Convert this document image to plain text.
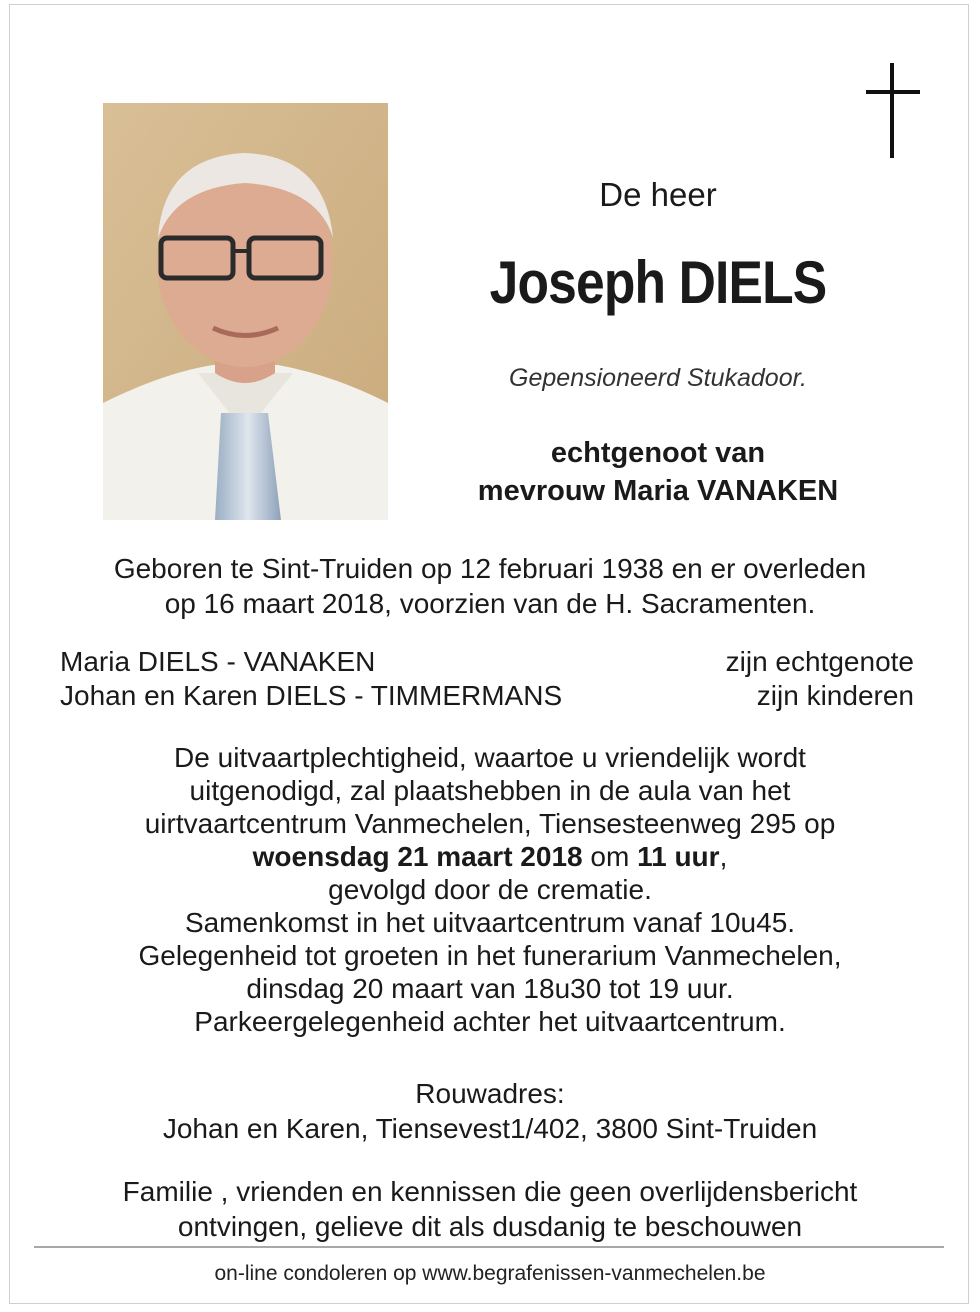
De heer
Joseph DIELS
Gepensioneerd Stukadoor.
echtgenoot van
mevrouw Maria VANAKEN
Geboren te Sint-Truiden op 12 februari 1938 en er overleden
op 16 maart 2018, voorzien van de H. Sacramenten.
Maria DIELS - VANAKEN	zijn echtgenote
Johan en Karen DIELS - TIMMERMANS	zijn kinderen
De uitvaartplechtigheid, waartoe u vriendelijk wordt
uitgenodigd, zal plaatshebben in de aula van het
uirtvaartcentrum Vanmechelen, Tiensesteenweg 295 op
woensdag 21 maart 2018 om 11 uur,
gevolgd door de crematie.
Samenkomst in het uitvaartcentrum vanaf 10u45.
Gelegenheid tot groeten in het funerarium Vanmechelen,
dinsdag 20 maart van 18u30 tot 19 uur.
Parkeergelegenheid achter het uitvaartcentrum.
Rouwadres:
Johan en Karen, Tiensevest1/402, 3800 Sint-Truiden
Familie , vrienden en kennissen die geen overlijdensbericht
ontvingen, gelieve dit als dusdanig te beschouwen
on-line condoleren op www.begrafenissen-vanmechelen.be
